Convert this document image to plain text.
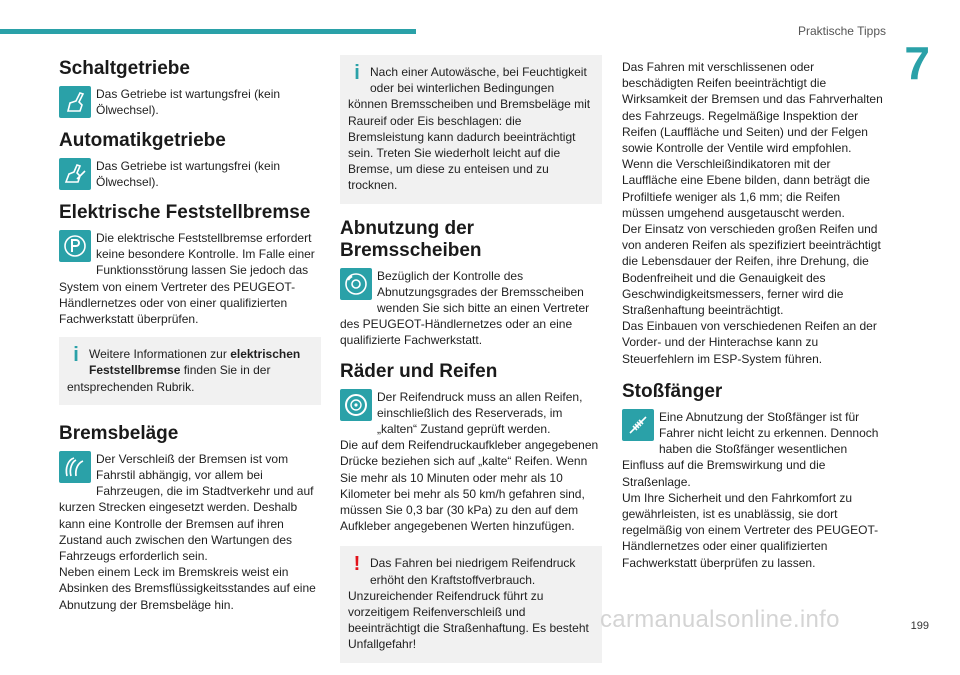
Praktische Tipps
7
Schaltgetriebe

Das Getriebe ist wartungsfrei (kein Ölwechsel).

Automatikgetriebe

Das Getriebe ist wartungsfrei (kein Ölwechsel).

Elektrische Feststellbremse

Die elektrische Feststellbremse erfordert keine besondere Kontrolle. Im Falle einer Funktionsstörung lassen Sie jedoch das System von einem Vertreter des PEUGEOT-Händlernetzes oder von einer qualifizierten Fachwerkstatt überprüfen.

i Weitere Informationen zur elektrischen Feststellbremse finden Sie in der entsprechenden Rubrik.

Bremsbeläge

Der Verschleiß der Bremsen ist vom Fahrstil abhängig, vor allem bei Fahrzeugen, die im Stadtverkehr und auf kurzen Strecken eingesetzt werden. Deshalb kann eine Kontrolle der Bremsen auf ihren Zustand auch zwischen den Wartungen des Fahrzeugs erforderlich sein.

Neben einem Leck im Bremskreis weist ein Absinken des Bremsflüssigkeitsstandes auf eine Abnutzung der Bremsbeläge hin.

i Nach einer Autowäsche, bei Feuchtigkeit oder bei winterlichen Bedingungen können Bremsscheiben und Bremsbeläge mit Raureif oder Eis beschlagen: die Bremsleistung kann dadurch beeinträchtigt sein. Treten Sie wiederholt leicht auf die Bremse, um diese zu enteisen und zu trocknen.

Abnutzung der Bremsscheiben

Bezüglich der Kontrolle des Abnutzungsgrades der Bremsscheiben wenden Sie sich bitte an einen Vertreter des PEUGEOT-Händlernetzes oder an eine qualifizierte Fachwerkstatt.

Räder und Reifen

Der Reifendruck muss an allen Reifen, einschließlich des Reserverads, im „kalten“ Zustand geprüft werden.

Die auf dem Reifendruckaufkleber angegebenen Drücke beziehen sich auf „kalte“ Reifen. Wenn Sie mehr als 10 Minuten oder mehr als 10 Kilometer bei mehr als 50 km/h gefahren sind, müssen Sie 0,3 bar (30 kPa) zu den auf dem Aufkleber angegebenen Werten hinzufügen.

! Das Fahren bei niedrigem Reifendruck erhöht den Kraftstoffverbrauch.

Unzureichender Reifendruck führt zu vorzeitigem Reifenverschleiß und beeinträchtigt die Straßenhaftung. Es besteht Unfallgefahr!

Das Fahren mit verschlissenen oder beschädigten Reifen beeinträchtigt die Wirksamkeit der Bremsen und das Fahrverhalten des Fahrzeugs. Regelmäßige Inspektion der Reifen (Lauffläche und Seiten) und der Felgen sowie Kontrolle der Ventile wird empfohlen.

Wenn die Verschleißindikatoren mit der Lauffläche eine Ebene bilden, dann beträgt die Profiltiefe weniger als 1,6 mm; die Reifen müssen umgehend ausgetauscht werden.

Der Einsatz von verschieden großen Reifen und von anderen Reifen als spezifiziert beeinträchtigt die Lebensdauer der Reifen, ihre Drehung, die Bodenfreiheit und die Genauigkeit des Geschwindigkeitsmessers, ferner wird die Straßenhaftung beeinträchtigt.

Das Einbauen von verschiedenen Reifen an der Vorder- und der Hinterachse kann zu Steuerfehlern im ESP-System führen.

Stoßfänger

Eine Abnutzung der Stoßfänger ist für Fahrer nicht leicht zu erkennen. Dennoch haben die Stoßfänger wesentlichen Einfluss auf die Bremswirkung und die Straßenlage.

Um Ihre Sicherheit und den Fahrkomfort zu gewährleisten, ist es unablässig, sie dort regelmäßig von einem Vertreter des PEUGEOT-Händlernetzes oder einer qualifizierten Fachwerkstatt überprüfen zu lassen.

199
carmanualsonline.info
